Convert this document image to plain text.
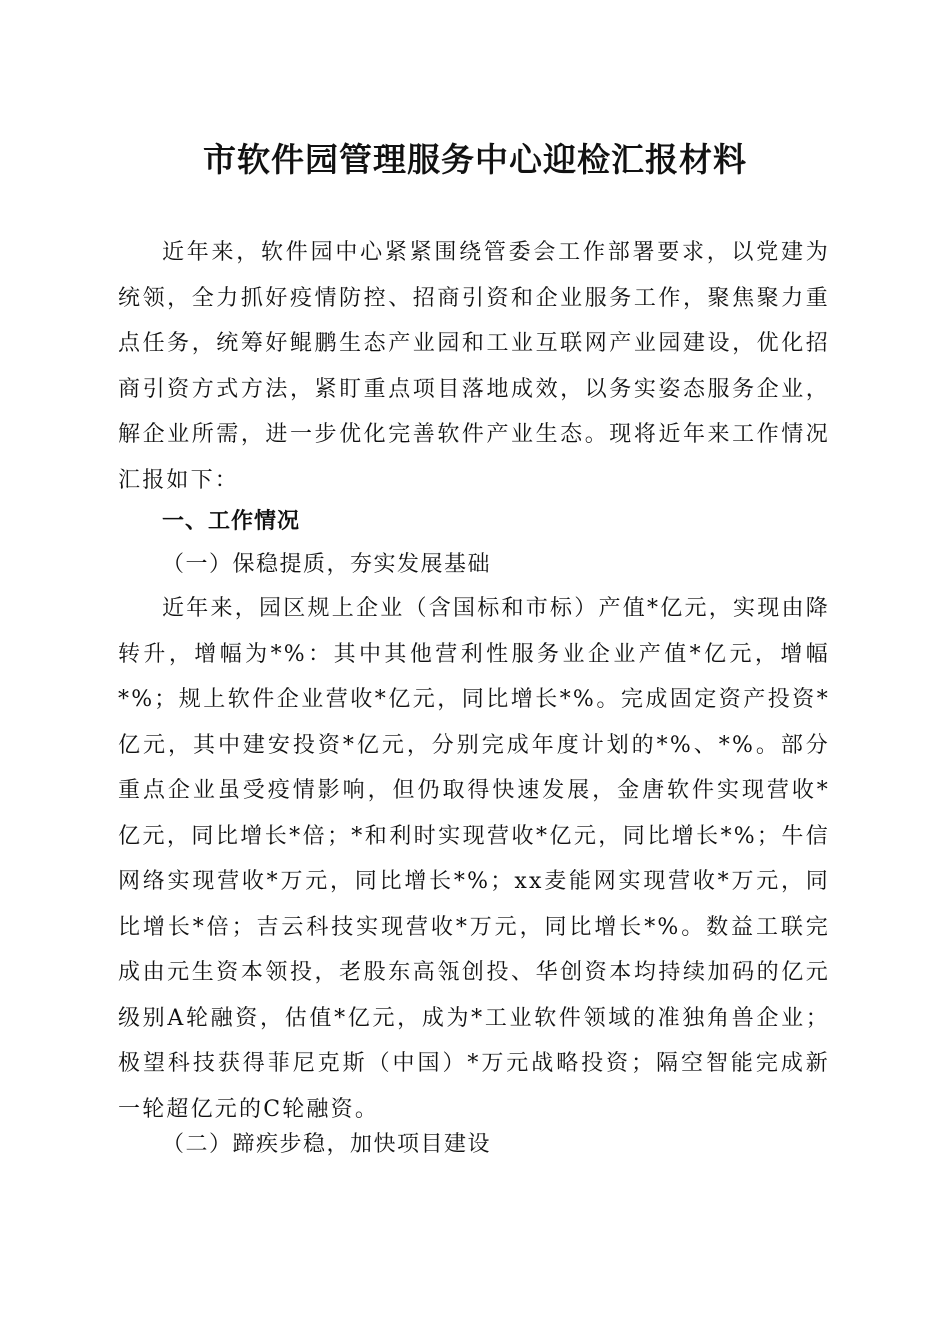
市软件园管理服务中心迎检汇报材料
近年来，软件园中心紧紧围绕管委会工作部署要求，以党建为统领，全力抓好疫情防控、招商引资和企业服务工作，聚焦聚力重点任务，统筹好鲲鹏生态产业园和工业互联网产业园建设，优化招商引资方式方法，紧盯重点项目落地成效，以务实姿态服务企业，解企业所需，进一步优化完善软件产业生态。现将近年来工作情况汇报如下：
一、工作情况
（一）保稳提质，夯实发展基础
近年来，园区规上企业（含国标和市标）产值*亿元，实现由降转升，增幅为*%：其中其他营利性服务业企业产值*亿元，增幅*%；规上软件企业营收*亿元，同比增长*%。完成固定资产投资*亿元，其中建安投资*亿元，分别完成年度计划的*%、*%。部分重点企业虽受疫情影响，但仍取得快速发展，金唐软件实现营收*亿元，同比增长*倍；*和利时实现营收*亿元，同比增长*%；牛信网络实现营收*万元，同比增长*%；xx麦能网实现营收*万元，同比增长*倍；吉云科技实现营收*万元，同比增长*%。数益工联完成由元生资本领投，老股东高瓴创投、华创资本均持续加码的亿元级别A轮融资，估值*亿元，成为*工业软件领域的准独角兽企业；极望科技获得菲尼克斯（中国）*万元战略投资；隔空智能完成新一轮超亿元的C轮融资。
（二）蹄疾步稳，加快项目建设
